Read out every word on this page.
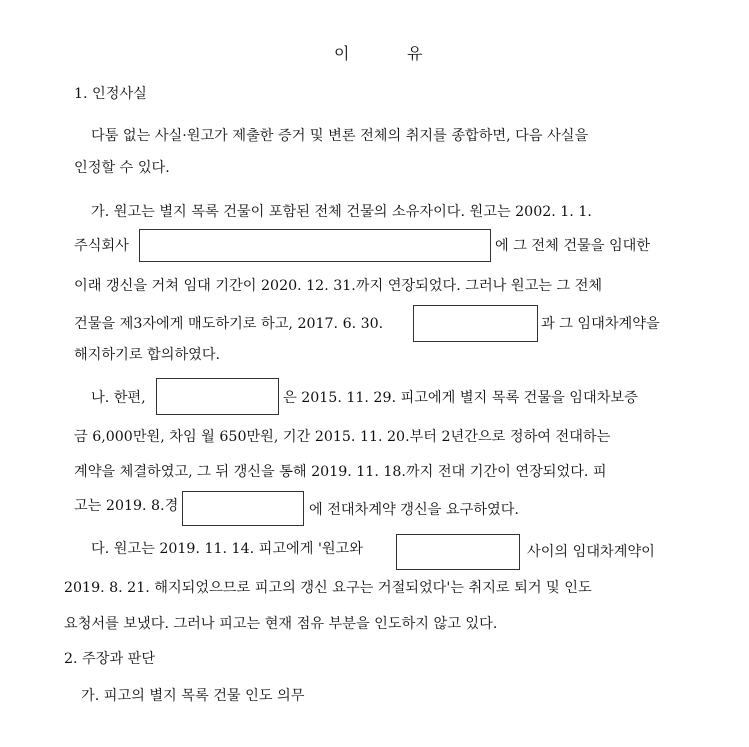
이	유
1. 인정사실
다툼 없는 사실·원고가 제출한 증거 및 변론 전체의 취지를 종합하면, 다음 사실을
인정할 수 있다.
가. 원고는 별지 목록 건물이 포함된 전체 건물의 소유자이다. 원고는 2002. 1. 1.
주식회사	에 그 전체 건물을 임대한
이래 갱신을 거쳐 임대 기간이 2020. 12. 31.까지 연장되었다. 그러나 원고는 그 전체
건물을 제3자에게 매도하기로 하고, 2017. 6. 30.	과 그 임대차계약을
해지하기로 합의하였다.
나. 한편,	은 2015. 11. 29. 피고에게 별지 목록 건물을 임대차보증
금 6,000만원, 차임 월 650만원, 기간 2015. 11. 20.부터 2년간으로 정하여 전대하는
계약을 체결하였고, 그 뒤 갱신을 통해 2019. 11. 18.까지 전대 기간이 연장되었다. 피
고는 2019. 8.경	에 전대차계약 갱신을 요구하였다.
다. 원고는 2019. 11. 14. 피고에게 '원고와	사이의 임대차계약이
2019. 8. 21. 해지되었으므로 피고의 갱신 요구는 거절되었다'는 취지로 퇴거 및 인도
요청서를 보냈다. 그러나 피고는 현재 점유 부분을 인도하지 않고 있다.
2. 주장과 판단
가. 피고의 별지 목록 건물 인도 의무
